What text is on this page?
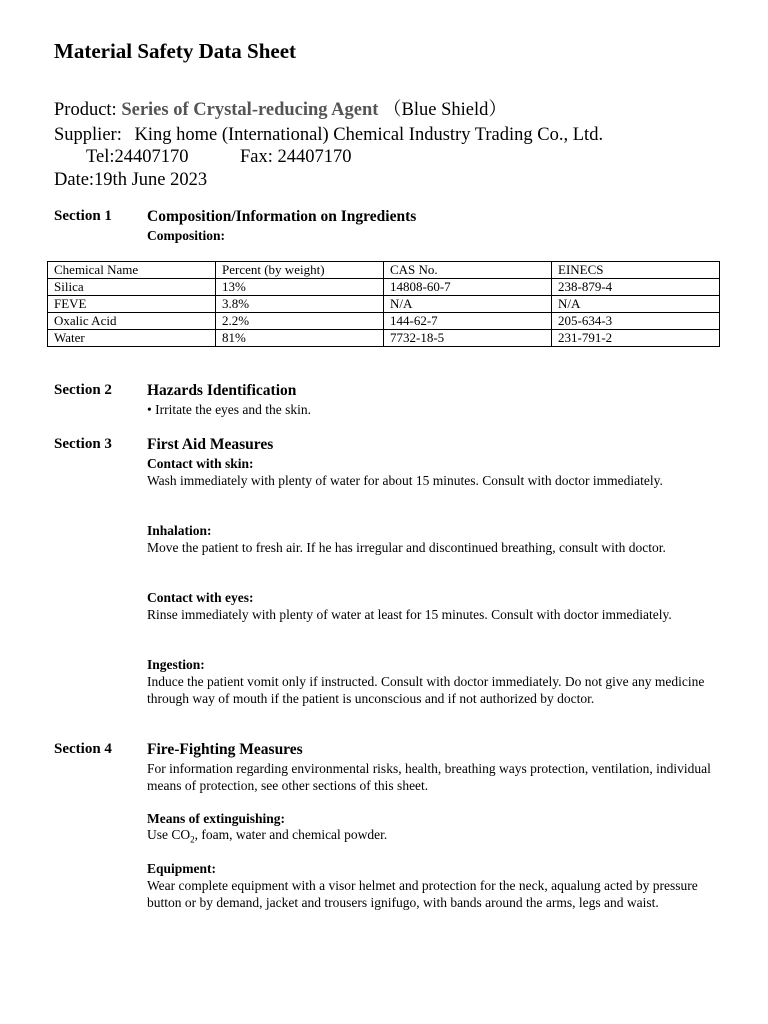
Material Safety Data Sheet
Product: Series of Crystal-reducing Agent （Blue Shield）
Supplier: King home (International) Chemical Industry Trading Co., Ltd.
Tel:24407170	Fax: 24407170
Date:19th June 2023
Section 1 Composition/Information on Ingredients
Composition:
Chemical Name	Percent (by weight)	CAS No.	EINECS
Silica	13%	14808-60-7	238-879-4
FEVE	3.8%	N/A	N/A
Oxalic Acid	2.2%	144-62-7	205-634-3
Water	81%	7732-18-5	231-791-2
Section 2 Hazards Identification
• Irritate the eyes and the skin.
Section 3 First Aid Measures
Contact with skin:
Wash immediately with plenty of water for about 15 minutes. Consult with doctor immediately.
Inhalation:
Move the patient to fresh air. If he has irregular and discontinued breathing, consult with doctor.
Contact with eyes:
Rinse immediately with plenty of water at least for 15 minutes. Consult with doctor immediately.
Ingestion:
Induce the patient vomit only if instructed. Consult with doctor immediately. Do not give any medicine through way of mouth if the patient is unconscious and if not authorized by doctor.
Section 4 Fire-Fighting Measures
For information regarding environmental risks, health, breathing ways protection, ventilation, individual means of protection, see other sections of this sheet.
Means of extinguishing:
Use $CO_2$, foam, water and chemical powder.
Equipment:
Wear complete equipment with a visor helmet and protection for the neck, aqualung acted by pressure button or by demand, jacket and trousers ignifugo, with bands around the arms, legs and waist.
